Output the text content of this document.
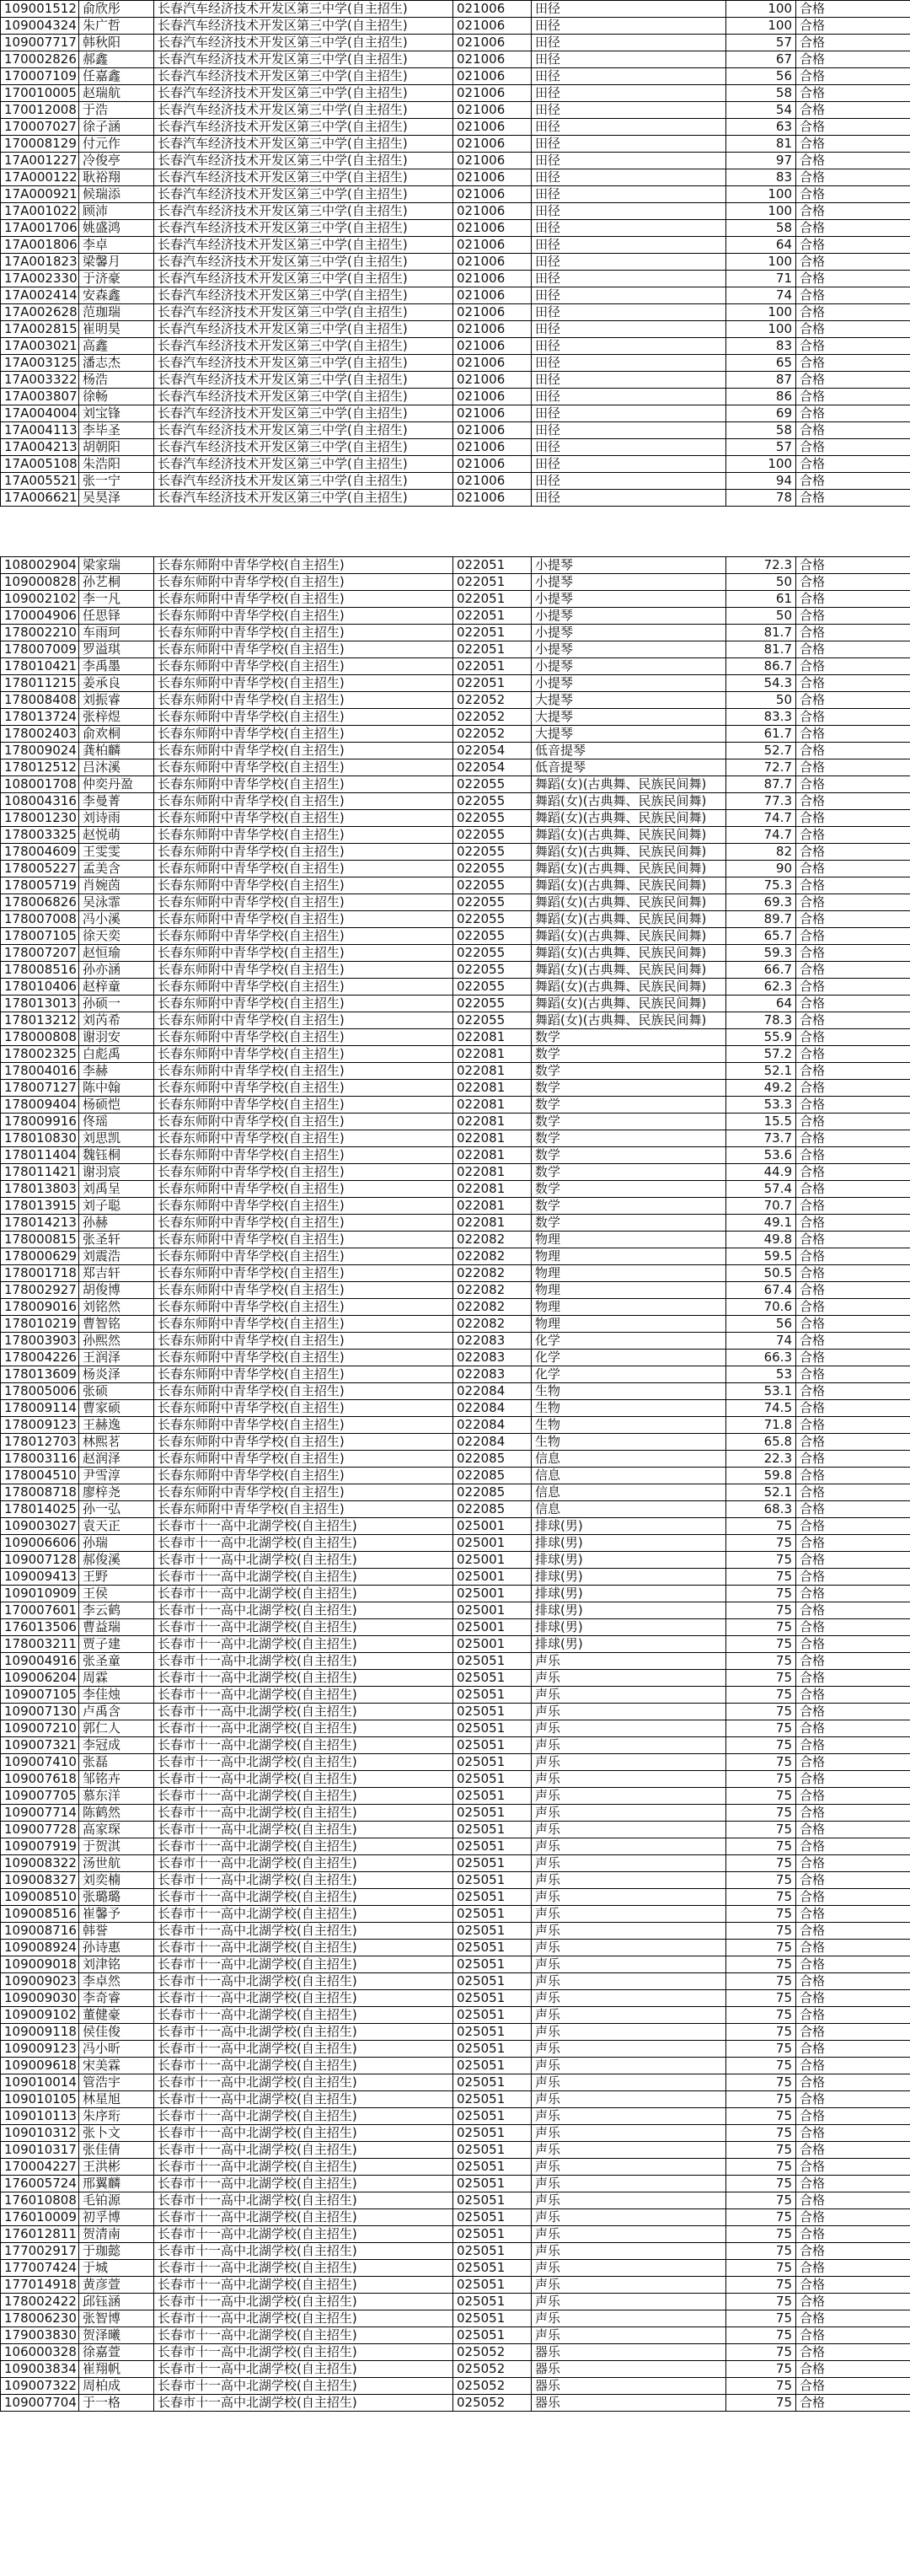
109001512	俞欣彤	长春汽车经济技术开发区第三中学(自主招生)	021006	田径	100	合格
109004324	朱广哲	长春汽车经济技术开发区第三中学(自主招生)	021006	田径	100	合格
109007717	韩秋阳	长春汽车经济技术开发区第三中学(自主招生)	021006	田径	57	合格
170002826	郝鑫	长春汽车经济技术开发区第三中学(自主招生)	021006	田径	67	合格
170007109	任嘉鑫	长春汽车经济技术开发区第三中学(自主招生)	021006	田径	56	合格
170010005	赵瑞航	长春汽车经济技术开发区第三中学(自主招生)	021006	田径	58	合格
170012008	于浩	长春汽车经济技术开发区第三中学(自主招生)	021006	田径	54	合格
170007027	徐子涵	长春汽车经济技术开发区第三中学(自主招生)	021006	田径	63	合格
170008129	付元作	长春汽车经济技术开发区第三中学(自主招生)	021006	田径	81	合格
17A001227	冷俊亭	长春汽车经济技术开发区第三中学(自主招生)	021006	田径	97	合格
17A000122	耿裕翔	长春汽车经济技术开发区第三中学(自主招生)	021006	田径	83	合格
17A000921	候瑞添	长春汽车经济技术开发区第三中学(自主招生)	021006	田径	100	合格
17A001022	顾沛	长春汽车经济技术开发区第三中学(自主招生)	021006	田径	100	合格
17A001706	姚盛鸿	长春汽车经济技术开发区第三中学(自主招生)	021006	田径	58	合格
17A001806	李卓	长春汽车经济技术开发区第三中学(自主招生)	021006	田径	64	合格
17A001823	梁馨月	长春汽车经济技术开发区第三中学(自主招生)	021006	田径	100	合格
17A002330	于济豪	长春汽车经济技术开发区第三中学(自主招生)	021006	田径	71	合格
17A002414	安森鑫	长春汽车经济技术开发区第三中学(自主招生)	021006	田径	74	合格
17A002628	范珈瑞	长春汽车经济技术开发区第三中学(自主招生)	021006	田径	100	合格
17A002815	崔明昊	长春汽车经济技术开发区第三中学(自主招生)	021006	田径	100	合格
17A003021	高鑫	长春汽车经济技术开发区第三中学(自主招生)	021006	田径	83	合格
17A003125	潘志杰	长春汽车经济技术开发区第三中学(自主招生)	021006	田径	65	合格
17A003322	杨浩	长春汽车经济技术开发区第三中学(自主招生)	021006	田径	87	合格
17A003807	徐畅	长春汽车经济技术开发区第三中学(自主招生)	021006	田径	86	合格
17A004004	刘宝锋	长春汽车经济技术开发区第三中学(自主招生)	021006	田径	69	合格
17A004113	李毕圣	长春汽车经济技术开发区第三中学(自主招生)	021006	田径	58	合格
17A004213	胡朝阳	长春汽车经济技术开发区第三中学(自主招生)	021006	田径	57	合格
17A005108	朱浩阳	长春汽车经济技术开发区第三中学(自主招生)	021006	田径	100	合格
17A005521	张一宁	长春汽车经济技术开发区第三中学(自主招生)	021006	田径	94	合格
17A006621	吴昊泽	长春汽车经济技术开发区第三中学(自主招生)	021006	田径	78	合格
108002904	梁家瑞	长春东师附中青华学校(自主招生)	022051	小提琴	72.3	合格
109000828	孙艺桐	长春东师附中青华学校(自主招生)	022051	小提琴	50	合格
109002102	李一凡	长春东师附中青华学校(自主招生)	022051	小提琴	61	合格
170004906	任思铎	长春东师附中青华学校(自主招生)	022051	小提琴	50	合格
178002210	车雨珂	长春东师附中青华学校(自主招生)	022051	小提琴	81.7	合格
178007009	罗溢琪	长春东师附中青华学校(自主招生)	022051	小提琴	81.7	合格
178010421	李禹墨	长春东师附中青华学校(自主招生)	022051	小提琴	86.7	合格
178011215	姜承良	长春东师附中青华学校(自主招生)	022051	小提琴	54.3	合格
178008408	刘振睿	长春东师附中青华学校(自主招生)	022052	大提琴	50	合格
178013724	张梓煜	长春东师附中青华学校(自主招生)	022052	大提琴	83.3	合格
178002403	俞欢桐	长春东师附中青华学校(自主招生)	022052	大提琴	61.7	合格
178009024	龚柏麟	长春东师附中青华学校(自主招生)	022054	低音提琴	52.7	合格
178012512	吕沐溪	长春东师附中青华学校(自主招生)	022054	低音提琴	72.7	合格
108001708	仲奕丹盈	长春东师附中青华学校(自主招生)	022055	舞蹈(女)(古典舞、民族民间舞)	87.7	合格
108004316	李曼菁	长春东师附中青华学校(自主招生)	022055	舞蹈(女)(古典舞、民族民间舞)	77.3	合格
178001230	刘诗雨	长春东师附中青华学校(自主招生)	022055	舞蹈(女)(古典舞、民族民间舞)	74.7	合格
178003325	赵悦萌	长春东师附中青华学校(自主招生)	022055	舞蹈(女)(古典舞、民族民间舞)	74.7	合格
178004609	王雯雯	长春东师附中青华学校(自主招生)	022055	舞蹈(女)(古典舞、民族民间舞)	82	合格
178005227	孟美含	长春东师附中青华学校(自主招生)	022055	舞蹈(女)(古典舞、民族民间舞)	90	合格
178005719	肖婉茵	长春东师附中青华学校(自主招生)	022055	舞蹈(女)(古典舞、民族民间舞)	75.3	合格
178006826	吴泳霏	长春东师附中青华学校(自主招生)	022055	舞蹈(女)(古典舞、民族民间舞)	69.3	合格
178007008	冯小溪	长春东师附中青华学校(自主招生)	022055	舞蹈(女)(古典舞、民族民间舞)	89.7	合格
178007105	徐天奕	长春东师附中青华学校(自主招生)	022055	舞蹈(女)(古典舞、民族民间舞)	65.7	合格
178007207	赵恒瑜	长春东师附中青华学校(自主招生)	022055	舞蹈(女)(古典舞、民族民间舞)	59.3	合格
178008516	孙亦涵	长春东师附中青华学校(自主招生)	022055	舞蹈(女)(古典舞、民族民间舞)	66.7	合格
178010406	赵梓童	长春东师附中青华学校(自主招生)	022055	舞蹈(女)(古典舞、民族民间舞)	62.3	合格
178013013	孙硕一	长春东师附中青华学校(自主招生)	022055	舞蹈(女)(古典舞、民族民间舞)	64	合格
178013212	刘芮希	长春东师附中青华学校(自主招生)	022055	舞蹈(女)(古典舞、民族民间舞)	78.3	合格
178000808	谢羽安	长春东师附中青华学校(自主招生)	022081	数学	55.9	合格
178002325	白彪禹	长春东师附中青华学校(自主招生)	022081	数学	57.2	合格
178004016	李赫	长春东师附中青华学校(自主招生)	022081	数学	52.1	合格
178007127	陈中翰	长春东师附中青华学校(自主招生)	022081	数学	49.2	合格
178009404	杨硕恺	长春东师附中青华学校(自主招生)	022081	数学	53.3	合格
178009916	佟瑶	长春东师附中青华学校(自主招生)	022081	数学	15.5	合格
178010830	刘思凯	长春东师附中青华学校(自主招生)	022081	数学	73.7	合格
178011404	魏钰桐	长春东师附中青华学校(自主招生)	022081	数学	53.6	合格
178011421	谢羽宸	长春东师附中青华学校(自主招生)	022081	数学	44.9	合格
178013803	刘禹呈	长春东师附中青华学校(自主招生)	022081	数学	57.4	合格
178013915	刘子聪	长春东师附中青华学校(自主招生)	022081	数学	70.7	合格
178014213	孙赫	长春东师附中青华学校(自主招生)	022081	数学	49.1	合格
178000815	张圣轩	长春东师附中青华学校(自主招生)	022082	物理	49.8	合格
178000629	刘震浩	长春东师附中青华学校(自主招生)	022082	物理	59.5	合格
178001718	郑吉轩	长春东师附中青华学校(自主招生)	022082	物理	50.5	合格
178002927	胡俊博	长春东师附中青华学校(自主招生)	022082	物理	67.4	合格
178009016	刘铭然	长春东师附中青华学校(自主招生)	022082	物理	70.6	合格
178010219	曹智铭	长春东师附中青华学校(自主招生)	022082	物理	56	合格
178003903	孙熙然	长春东师附中青华学校(自主招生)	022083	化学	74	合格
178004226	王润泽	长春东师附中青华学校(自主招生)	022083	化学	66.3	合格
178013609	杨炎泽	长春东师附中青华学校(自主招生)	022083	化学	53	合格
178005006	张硕	长春东师附中青华学校(自主招生)	022084	生物	53.1	合格
178009114	曹家硕	长春东师附中青华学校(自主招生)	022084	生物	74.5	合格
178009123	王赫逸	长春东师附中青华学校(自主招生)	022084	生物	71.8	合格
178012703	林熙茗	长春东师附中青华学校(自主招生)	022084	生物	65.8	合格
178003116	赵润泽	长春东师附中青华学校(自主招生)	022085	信息	22.3	合格
178004510	尹雪淳	长春东师附中青华学校(自主招生)	022085	信息	59.8	合格
178008718	廖梓尧	长春东师附中青华学校(自主招生)	022085	信息	52.1	合格
178014025	孙一弘	长春东师附中青华学校(自主招生)	022085	信息	68.3	合格
109003027	袁天正	长春市十一高中北湖学校(自主招生)	025001	排球(男)	75	合格
109006606	孙瑞	长春市十一高中北湖学校(自主招生)	025001	排球(男)	75	合格
109007128	郝俊溪	长春市十一高中北湖学校(自主招生)	025001	排球(男)	75	合格
109009413	王野	长春市十一高中北湖学校(自主招生)	025001	排球(男)	75	合格
109010909	王侯	长春市十一高中北湖学校(自主招生)	025001	排球(男)	75	合格
170007601	李云鹤	长春市十一高中北湖学校(自主招生)	025001	排球(男)	75	合格
176013506	曹益瑞	长春市十一高中北湖学校(自主招生)	025001	排球(男)	75	合格
178003211	贾子建	长春市十一高中北湖学校(自主招生)	025001	排球(男)	75	合格
109004916	张圣童	长春市十一高中北湖学校(自主招生)	025051	声乐	75	合格
109006204	周霖	长春市十一高中北湖学校(自主招生)	025051	声乐	75	合格
109007105	李佳烛	长春市十一高中北湖学校(自主招生)	025051	声乐	75	合格
109007130	卢禹含	长春市十一高中北湖学校(自主招生)	025051	声乐	75	合格
109007210	郭仁人	长春市十一高中北湖学校(自主招生)	025051	声乐	75	合格
109007321	李冠成	长春市十一高中北湖学校(自主招生)	025051	声乐	75	合格
109007410	张磊	长春市十一高中北湖学校(自主招生)	025051	声乐	75	合格
109007618	邹铭卉	长春市十一高中北湖学校(自主招生)	025051	声乐	75	合格
109007705	慕东洋	长春市十一高中北湖学校(自主招生)	025051	声乐	75	合格
109007714	陈鹤然	长春市十一高中北湖学校(自主招生)	025051	声乐	75	合格
109007728	高家琛	长春市十一高中北湖学校(自主招生)	025051	声乐	75	合格
109007919	于贺淇	长春市十一高中北湖学校(自主招生)	025051	声乐	75	合格
109008322	汤世航	长春市十一高中北湖学校(自主招生)	025051	声乐	75	合格
109008327	刘奕楠	长春市十一高中北湖学校(自主招生)	025051	声乐	75	合格
109008510	张璐璐	长春市十一高中北湖学校(自主招生)	025051	声乐	75	合格
109008516	崔馨予	长春市十一高中北湖学校(自主招生)	025051	声乐	75	合格
109008716	韩誉	长春市十一高中北湖学校(自主招生)	025051	声乐	75	合格
109008924	孙诗惠	长春市十一高中北湖学校(自主招生)	025051	声乐	75	合格
109009018	刘津铭	长春市十一高中北湖学校(自主招生)	025051	声乐	75	合格
109009023	李卓然	长春市十一高中北湖学校(自主招生)	025051	声乐	75	合格
109009030	李奇睿	长春市十一高中北湖学校(自主招生)	025051	声乐	75	合格
109009102	董健豪	长春市十一高中北湖学校(自主招生)	025051	声乐	75	合格
109009118	侯佳俊	长春市十一高中北湖学校(自主招生)	025051	声乐	75	合格
109009123	冯小昕	长春市十一高中北湖学校(自主招生)	025051	声乐	75	合格
109009618	宋美霖	长春市十一高中北湖学校(自主招生)	025051	声乐	75	合格
109010014	管浩宇	长春市十一高中北湖学校(自主招生)	025051	声乐	75	合格
109010105	林星旭	长春市十一高中北湖学校(自主招生)	025051	声乐	75	合格
109010113	朱序珩	长春市十一高中北湖学校(自主招生)	025051	声乐	75	合格
109010312	张卜文	长春市十一高中北湖学校(自主招生)	025051	声乐	75	合格
109010317	张佳倩	长春市十一高中北湖学校(自主招生)	025051	声乐	75	合格
170004227	王洪彬	长春市十一高中北湖学校(自主招生)	025051	声乐	75	合格
176005724	邢翼麟	长春市十一高中北湖学校(自主招生)	025051	声乐	75	合格
176010808	毛铂源	长春市十一高中北湖学校(自主招生)	025051	声乐	75	合格
176010009	初孚博	长春市十一高中北湖学校(自主招生)	025051	声乐	75	合格
176012811	贺清南	长春市十一高中北湖学校(自主招生)	025051	声乐	75	合格
177002917	于珈懿	长春市十一高中北湖学校(自主招生)	025051	声乐	75	合格
177007424	于城	长春市十一高中北湖学校(自主招生)	025051	声乐	75	合格
177014918	黄彦萱	长春市十一高中北湖学校(自主招生)	025051	声乐	75	合格
178002422	邱钰涵	长春市十一高中北湖学校(自主招生)	025051	声乐	75	合格
178006230	张智博	长春市十一高中北湖学校(自主招生)	025051	声乐	75	合格
179003830	贺泽曦	长春市十一高中北湖学校(自主招生)	025051	声乐	75	合格
106000328	徐嘉萱	长春市十一高中北湖学校(自主招生)	025052	器乐	75	合格
109003834	崔翔帆	长春市十一高中北湖学校(自主招生)	025052	器乐	75	合格
109007322	周柏成	长春市十一高中北湖学校(自主招生)	025052	器乐	75	合格
109007704	于一格	长春市十一高中北湖学校(自主招生)	025052	器乐	75	合格
